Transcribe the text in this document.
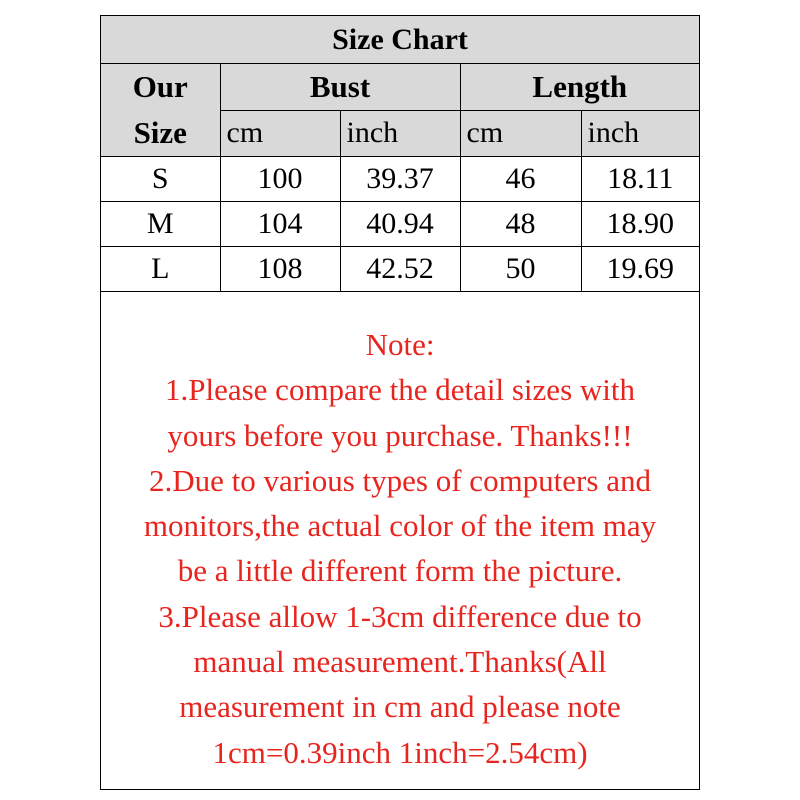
Size Chart				
Our
Size	Bust		Length	
	cm	inch	cm	inch
S	100	39.37	46	18.11
M	104	40.94	48	18.90
L	108	42.52	50	19.69
Note:
1.Please compare the detail sizes with
yours before you purchase. Thanks!!!
2.Due to various types of computers and
monitors,the actual color of the item may
be a little different form the picture.
3.Please allow 1-3cm difference due to
manual measurement.Thanks(All
measurement in cm and please note
1cm=0.39inch 1inch=2.54cm)
